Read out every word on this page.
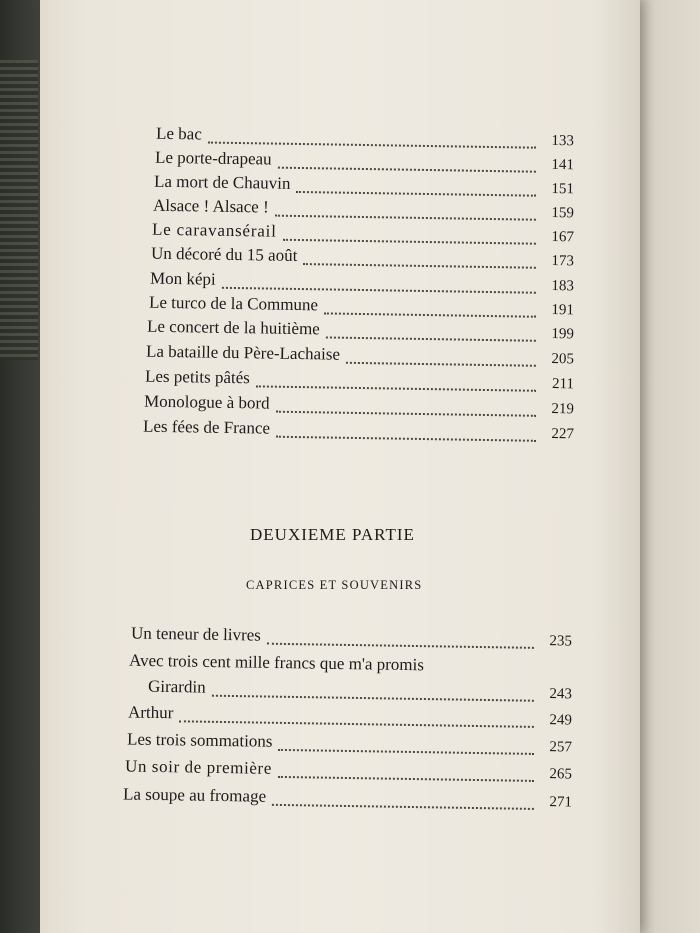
Le bac	133
Le porte-drapeau	141
La mort de Chauvin	151
Alsace ! Alsace !	159
Le caravansérail	167
Un décoré du 15 août	173
Mon képi	183
Le turco de la Commune	191
Le concert de la huitième	199
La bataille du Père-Lachaise	205
Les petits pâtés	211
Monologue à bord	219
Les fées de France	227
DEUXIEME PARTIE
CAPRICES ET SOUVENIRS
Un teneur de livres	235
Avec trois cent mille francs que m'a promis
Girardin	243
Arthur	249
Les trois sommations	257
Un soir de première	265
La soupe au fromage	271
